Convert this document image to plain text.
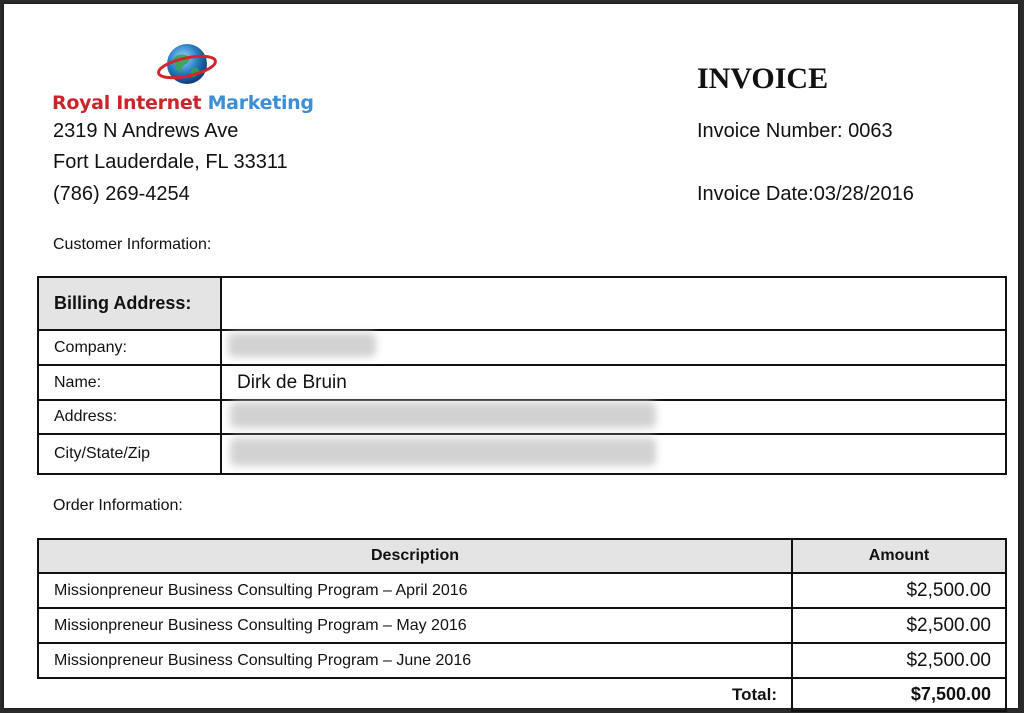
Royal Internet Marketing
2319 N Andrews Ave
Fort Lauderdale, FL 33311
(786) 269-4254
INVOICE
Invoice Number: 0063
Invoice Date:03/28/2016
Customer Information:
Billing Address:	
Company:	
Name:	Dirk de Bruin
Address:	
City/State/Zip	
Order Information:
Description	Amount
Missionpreneur Business Consulting Program – April 2016	$2,500.00
Missionpreneur Business Consulting Program – May 2016	$2,500.00
Missionpreneur Business Consulting Program – June 2016	$2,500.00
Total:	$7,500.00
